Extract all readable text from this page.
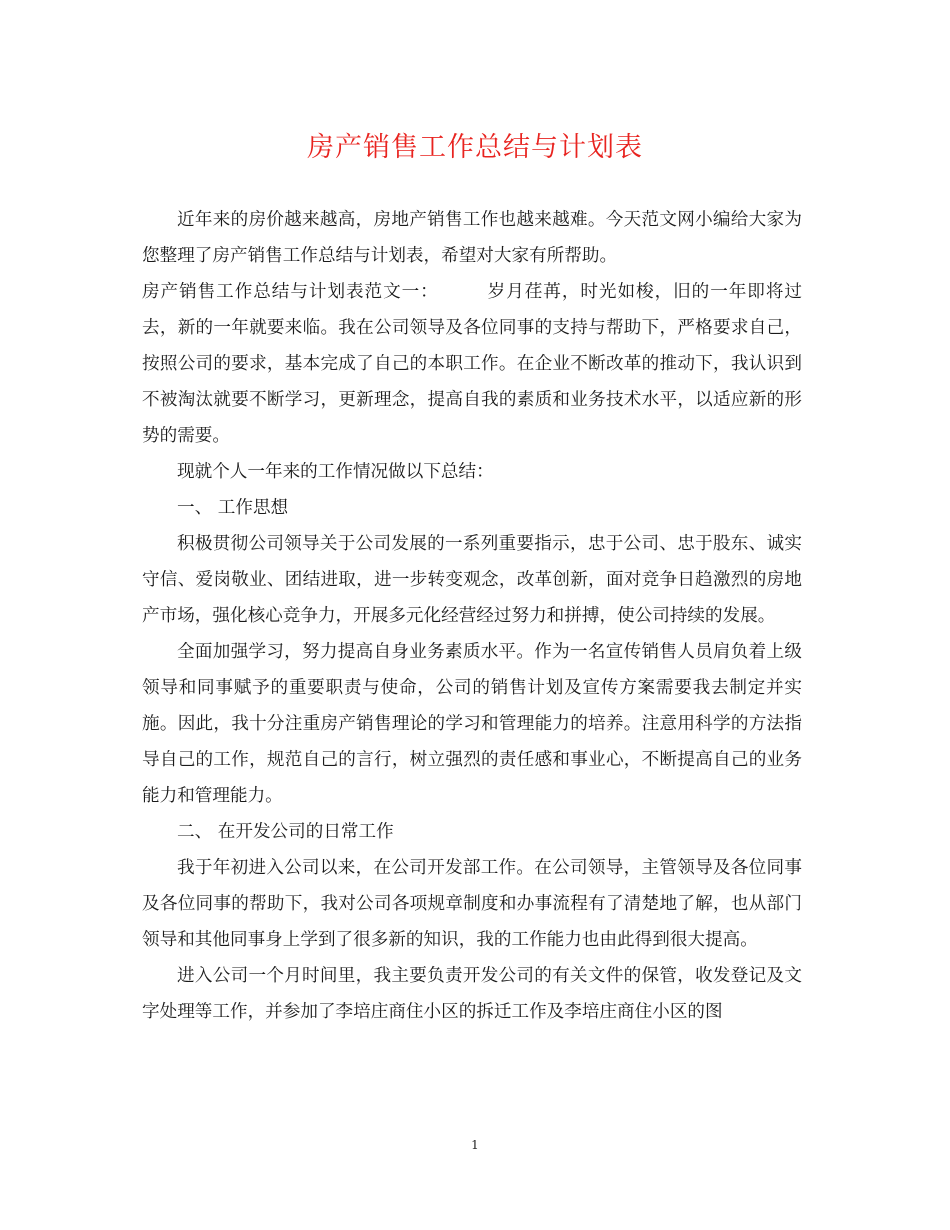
房产销售工作总结与计划表

近年来的房价越来越高，房地产销售工作也越来越难。今天范文网小编给大家为您整理了房产销售工作总结与计划表，希望对大家有所帮助。

房产销售工作总结与计划表范文一：	岁月荏苒，时光如梭，旧的一年即将过去，新的一年就要来临。我在公司领导及各位同事的支持与帮助下，严格要求自己，按照公司的要求，基本完成了自己的本职工作。在企业不断改革的推动下，我认识到不被淘汰就要不断学习，更新理念，提高自我的素质和业务技术水平，以适应新的形势的需要。

现就个人一年来的工作情况做以下总结：

一、 工作思想

积极贯彻公司领导关于公司发展的一系列重要指示，忠于公司、忠于股东、诚实守信、爱岗敬业、团结进取，进一步转变观念，改革创新，面对竞争日趋激烈的房地产市场，强化核心竞争力，开展多元化经营经过努力和拼搏，使公司持续的发展。

全面加强学习，努力提高自身业务素质水平。作为一名宣传销售人员肩负着上级领导和同事赋予的重要职责与使命，公司的销售计划及宣传方案需要我去制定并实施。因此，我十分注重房产销售理论的学习和管理能力的培养。注意用科学的方法指导自己的工作，规范自己的言行，树立强烈的责任感和事业心，不断提高自己的业务能力和管理能力。

二、 在开发公司的日常工作

我于年初进入公司以来，在公司开发部工作。在公司领导，主管领导及各位同事及各位同事的帮助下，我对公司各项规章制度和办事流程有了清楚地了解，也从部门领导和其他同事身上学到了很多新的知识，我的工作能力也由此得到很大提高。

进入公司一个月时间里，我主要负责开发公司的有关文件的保管，收发登记及文字处理等工作，并参加了李培庄商住小区的拆迁工作及李培庄商住小区的图

1
